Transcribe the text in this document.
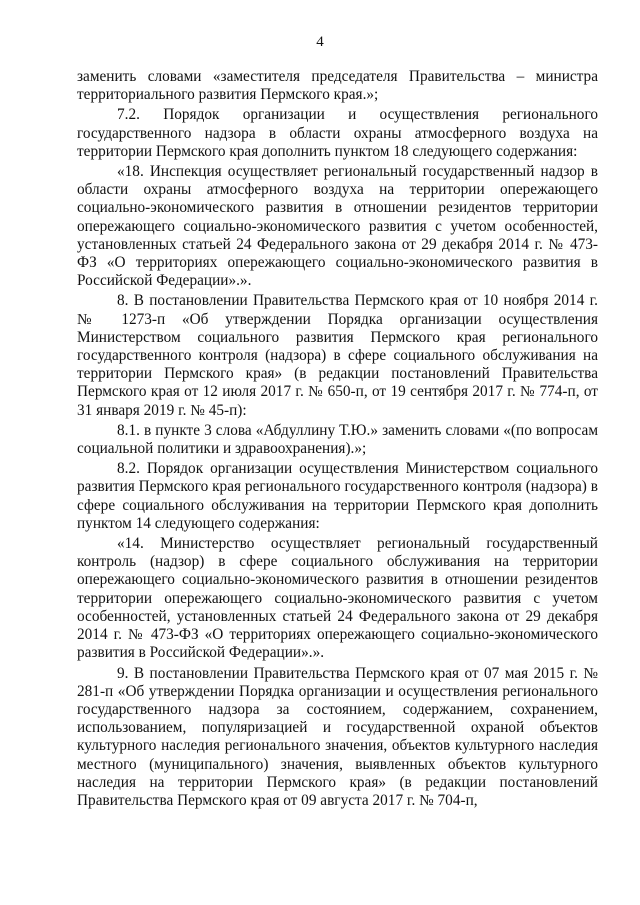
4

заменить словами «заместителя председателя Правительства – министра территориального развития Пермского края.»;

7.2. Порядок организации и осуществления регионального государственного надзора в области охраны атмосферного воздуха на территории Пермского края дополнить пунктом 18 следующего содержания:

«18. Инспекция осуществляет региональный государственный надзор в области охраны атмосферного воздуха на территории опережающего социально-экономического развития в отношении резидентов территории опережающего социально-экономического развития с учетом особенностей, установленных статьей 24 Федерального закона от 29 декабря 2014 г. № 473-ФЗ «О территориях опережающего социально-экономического развития в Российской Федерации».».

8. В постановлении Правительства Пермского края от 10 ноября 2014 г. № 1273-п «Об утверждении Порядка организации осуществления Министерством социального развития Пермского края регионального государственного контроля (надзора) в сфере социального обслуживания на территории Пермского края» (в редакции постановлений Правительства Пермского края от 12 июля 2017 г. № 650-п, от 19 сентября 2017 г. № 774-п, от 31 января 2019 г. № 45-п):

8.1. в пункте 3 слова «Абдуллину Т.Ю.» заменить словами «(по вопросам социальной политики и здравоохранения).»;

8.2. Порядок организации осуществления Министерством социального развития Пермского края регионального государственного контроля (надзора) в сфере социального обслуживания на территории Пермского края дополнить пунктом 14 следующего содержания:

«14. Министерство осуществляет региональный государственный контроль (надзор) в сфере социального обслуживания на территории опережающего социально-экономического развития в отношении резидентов территории опережающего социально-экономического развития с учетом особенностей, установленных статьей 24 Федерального закона от 29 декабря 2014 г. № 473-ФЗ «О территориях опережающего социально-экономического развития в Российской Федерации».».

9. В постановлении Правительства Пермского края от 07 мая 2015 г. № 281-п «Об утверждении Порядка организации и осуществления регионального государственного надзора за состоянием, содержанием, сохранением, использованием, популяризацией и государственной охраной объектов культурного наследия регионального значения, объектов культурного наследия местного (муниципального) значения, выявленных объектов культурного наследия на территории Пермского края» (в редакции постановлений Правительства Пермского края от 09 августа 2017 г. № 704-п,
